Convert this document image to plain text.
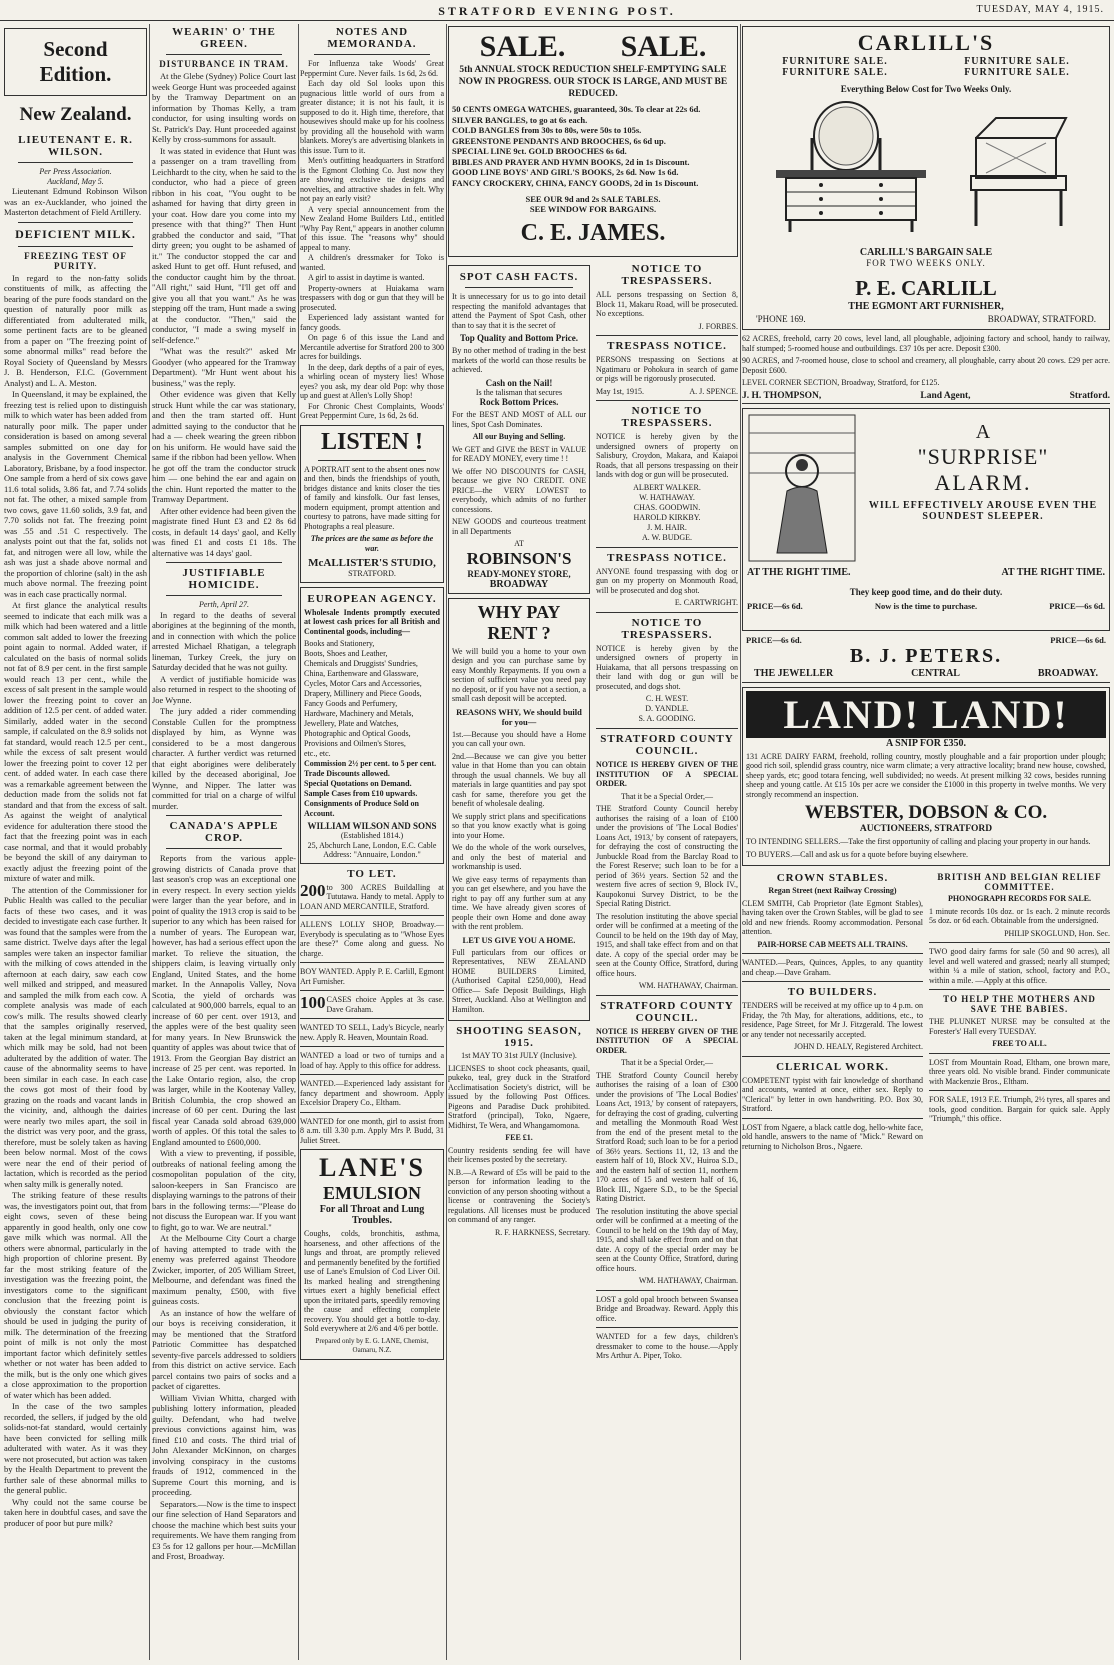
STRATFORD EVENING POST.	TUESDAY, MAY 4, 1915.
Second Edition.
New Zealand.
LIEUTENANT E. R. WILSON.
Per Press Association.
Auckland, May 5.

Lieutenant Edmund Robinson Wilson was an ex-Aucklander, who joined the Masterton detachment of Field Artillery.

DEFICIENT MILK.
FREEZING TEST OF PURITY.

In regard to the non-fatty solids constituents of milk, as affecting the bearing of the pure foods standard on the question of naturally poor milk as differentiated from adulterated milk, some pertinent facts are to be gleaned from a paper on "The freezing point of some abnormal milks" read before the Royal Society of Queensland by Messrs J. B. Henderson, F.I.C. (Government Analyst) and L. A. Meston.

In Queensland, it may be explained, the freezing test is relied upon to distinguish milk to which water has been added from naturally poor milk. The paper under consideration is based on among several samples submitted on one day for analysis in the Government Chemical Laboratory, Brisbane, by a food inspector. One sample from a herd of six cows gave 11.6 total solids, 3.86 fat, and 7.74 solids not fat. The other, a mixed sample from two cows, gave 11.60 solids, 3.9 fat, and 7.70 solids not fat. The freezing point was .55 and .51 C respectively. The analysts point out that the fat, solids not fat, and nitrogen were all low, while the ash was just a shade above normal and the proportion of chlorine (salt) in the ash much above normal. The freezing point was in each case practically normal.

At first glance the analytical results seemed to indicate that each milk was a milk which had been watered and a little common salt added to lower the freezing point again to normal. Added water, if calculated on the basis of normal solids not fat of 8.9 per cent. in the first sample would reach 13 per cent., while the excess of salt present in the sample would lower the freezing point to cover an addition of 12.5 per cent. of added water. Similarly, added water in the second sample, if calculated on the 8.9 solids not fat standard, would reach 12.5 per cent., while the excess of salt present would lower the freezing point to cover 12 per cent. of added water. In each case there was a remarkable agreement between the deduction made from the solids not fat standard and that from the excess of salt. As against the weight of analytical evidence for adulteration there stood the fact that the freezing point was in each case normal, and that it would probably be beyond the skill of any dairyman to exactly adjust the freezing point of the mixture of water and milk.

The attention of the Commissioner for Public Health was called to the peculiar facts of these two cases, and it was decided to investigate each case further. It was found that the samples were from the same district. Twelve days after the legal samples were taken an inspector familiar with the milking of cows attended in the afternoon at each dairy, saw each cow well milked and stripped, and measured and sampled the milk from each cow. A complete analysis was made of each cow's milk. The results showed clearly that the samples originally reserved, taken at the legal minimum standard, at which milk may be sold, had not been adulterated by the addition of water. The cause of the abnormality seems to have been similar in each case. In each case the cows got most of their food by grazing on the roads and vacant lands in the vicinity, and, although the dairies were nearly two miles apart, the soil in the district was very poor, and the grass, therefore, must be solely taken as having been below normal. Most of the cows were near the end of their period of lactation, which is recorded as the period when salty milk is generally noted.

The striking feature of these results was, the investigators point out, that from eight cows, seven of these being apparently in good health, only one cow gave milk which was normal. All the others were abnormal, particularly in the high proportion of chlorine present. By far the most striking feature of the investigation was the freezing point, the investigators come to the significant conclusion that the freezing point is obviously the constant factor which should be used in judging the purity of milk. The determination of the freezing point of milk is not only the most important factor which definitely settles whether or not water has been added to the milk, but is the only one which gives a close approximation to the proportion of water which has been added.

In the case of the two samples recorded, the sellers, if judged by the old solids-not-fat standard, would certainly have been convicted for selling milk adulterated with water. As it was they were not prosecuted, but action was taken by the Health Department to prevent the further sale of these abnormal milks to the general public.

Why could not the same course be taken here in doubtful cases, and save the producer of poor but pure milk?

WEARIN' O' THE GREEN.
DISTURBANCE IN TRAM.

At the Glebe (Sydney) Police Court last week George Hunt was proceeded against by the Tramway Department on an information by Thomas Kelly, a tram conductor, for using insulting words on St. Patrick's Day. Hunt proceeded against Kelly by cross-summons for assault.

It was stated in evidence that Hunt was a passenger on a tram travelling from Leichhardt to the city, when he said to the conductor, who had a piece of green ribbon in his coat, "You ought to be ashamed for having that dirty green in your coat. How dare you come into my presence with that thing?" Then Hunt grabbed the conductor and said, "That dirty green; you ought to be ashamed of it." The conductor stopped the car and asked Hunt to get off. Hunt refused, and the conductor caught him by the throat. "All right," said Hunt, "I'll get off and give you all that you want." As he was stepping off the tram, Hunt made a swing at the conductor. "Then," said the conductor, "I made a swing myself in self-defence."

"What was the result?" asked Mr Goodyer (who appeared for the Tramway Department). "Mr Hunt went about his business," was the reply.

Other evidence was given that Kelly struck Hunt while the car was stationary, and then the tram started off. Hunt admitted saying to the conductor that he had a — cheek wearing the green ribbon on his uniform. He would have said the same if the ribbon had been yellow. When he got off the tram the conductor struck him — one behind the ear and again on the chin. Hunt reported the matter to the Tramway Department.

After other evidence had been given the magistrate fined Hunt £3 and £2 8s 6d costs, in default 14 days' gaol, and Kelly was fined £1 and costs £1 18s. The alternative was 14 days' gaol.

JUSTIFIABLE HOMICIDE.
Perth, April 27.

In regard to the deaths of several aborigines at the beginning of the month, and in connection with which the police arrested Michael Rhatigan, a telegraph lineman, Turkey Creek, the jury on Saturday decided that he was not guilty.

A verdict of justifiable homicide was also returned in respect to the shooting of Joe Wynne.

The jury added a rider commending Constable Cullen for the promptness displayed by him, as Wynne was considered to be a most dangerous character. A further verdict was returned that eight aborigines were deliberately killed by the deceased aboriginal, Joe Wynne, and Nipper. The latter was committed for trial on a charge of wilful murder.

CANADA'S APPLE CROP.

Reports from the various apple-growing districts of Canada prove that last season's crop was an exceptional one in every respect. In every section yields were larger than the year before, and in point of quality the 1913 crop is said to be superior to any which has been raised for a number of years. The European war, however, has had a serious effect upon the market. To relieve the situation, the shippers claim, is leaving virtually only England, United States, and the home market. In the Annapolis Valley, Nova Scotia, the yield of orchards was calculated at 900,000 barrels, equal to an increase of 60 per cent. over 1913, and the apples were of the best quality seen for many years. In New Brunswick the quantity of apples was about twice that of 1913. From the Georgian Bay district an increase of 25 per cent. was reported. In the Lake Ontario region, also, the crop was larger, while in the Kootenay Valley, British Columbia, the crop showed an increase of 60 per cent. During the last fiscal year Canada sold abroad 639,000 worth of apples. Of this total the sales to England amounted to £600,000.

With a view to preventing, if possible, outbreaks of national feeling among the cosmopolitan population of the city, saloon-keepers in San Francisco are displaying warnings to the patrons of their bars in the following terms:—"Please do not discuss the European war. If you want to fight, go to war. We are neutral."

At the Melbourne City Court a charge of having attempted to trade with the enemy was preferred against Theodore Zwicker, importer, of 205 William Street, Melbourne, and defendant was fined the maximum penalty, £500, with five guineas costs.

As an instance of how the welfare of our boys is receiving consideration, it may be mentioned that the Stratford Patriotic Committee has despatched seventy-five parcels addressed to soldiers from this district on active service. Each parcel contains two pairs of socks and a packet of cigarettes.

William Vivian Whitta, charged with publishing lottery information, pleaded guilty. Defendant, who had twelve previous convictions against him, was fined £10 and costs. The third trial of John Alexander McKinnon, on charges involving conspiracy in the customs frauds of 1912, commenced in the Supreme Court this morning, and is proceeding.

Separators.—Now is the time to inspect our fine selection of Hand Separators and choose the machine which best suits your requirements. We have them ranging from £3 5s for 12 gallons per hour.—McMillan and Frost, Broadway.

NOTES AND MEMORANDA.

For Influenza take Woods' Great Peppermint Cure. Never fails. 1s 6d, 2s 6d.

Each day old Sol looks upon this pugnacious little world of ours from a greater distance; it is not his fault, it is supposed to do it. High time, therefore, that housewives should make up for his coolness by providing all the household with warm blankets. Morey's are advertising blankets in this issue. Turn to it.

Men's outfitting headquarters in Stratford is the Egmont Clothing Co. Just now they are showing exclusive tie designs and novelties, and attractive shades in felt. Why not pay an early visit?

A very special announcement from the New Zealand Home Builders Ltd., entitled "Why Pay Rent," appears in another column of this issue. The "reasons why" should appeal to many.

A children's dressmaker for Toko is wanted.

A girl to assist in daytime is wanted.

Property-owners at Huiakama warn trespassers with dog or gun that they will be prosecuted.

Experienced lady assistant wanted for fancy goods.

On page 6 of this issue the Land and Mercantile advertise for Stratford 200 to 300 acres for buildings.

In the deep, dark depths of a pair of eyes, a whirling ocean of mystery lies! Whose eyes? you ask, my dear old Pop: why those up and guest at Allen's Lolly Shop!

For Chronic Chest Complaints, Woods' Great Peppermint Cure, 1s 6d, 2s 6d.

LISTEN !
A PORTRAIT sent to the absent ones now and then, binds the friendships of youth, bridges distance and knits closer the ties of family and kinsfolk. Our fast lenses, modern equipment, prompt attention and courtesy to patrons, have made sitting for Photographs a real pleasure.
The prices are the same as before the war.
McALLISTER'S STUDIO,
STRATFORD.
EUROPEAN AGENCY.
Wholesale Indents promptly executed at lowest cash prices for all British and Continental goods, including—
Books and Stationery,
Boots, Shoes and Leather,
Chemicals and Druggists' Sundries,
China, Earthenware and Glassware,
Cycles, Motor Cars and Accessories,
Drapery, Millinery and Piece Goods,
Fancy Goods and Perfumery,
Hardware, Machinery and Metals,
Jewellery, Plate and Watches,
Photographic and Optical Goods,
Provisions and Oilmen's Stores,
etc., etc.
Commission 2½ per cent. to 5 per cent.
Trade Discounts allowed.
Special Quotations on Demand.
Sample Cases from £10 upwards.
Consignments of Produce Sold on Account.
WILLIAM WILSON AND SONS
(Established 1814.)
25, Abchurch Lane, London, E.C. Cable Address: "Annuaire, London."
TO LET.
200 to 300 ACRES Buildalling at Tututawa. Handy to metal. Apply to LOAN AND MERCANTILE, Stratford.
ALLEN'S LOLLY SHOP, Broadway.—Everybody is speculating as to "Whose Eyes are these?" Come along and guess. No charge.
BOY WANTED. Apply P. E. Carlill, Egmont Art Furnisher.
100 CASES choice Apples at 3s case. Dave Graham.
WANTED TO SELL, Lady's Bicycle, nearly new. Apply R. Heaven, Mountain Road.
WANTED a load or two of turnips and a load of hay. Apply to this office for address.
WANTED.—Experienced lady assistant for fancy department and showroom. Apply Excelsior Drapery Co., Eltham.
WANTED for one month, girl to assist from 8 a.m. till 3.30 p.m. Apply Mrs P. Budd, 31 Juliet Street.
LANE'S
EMULSION
For all Throat and Lung Troubles.
Coughs, colds, bronchitis, asthma, hoarseness, and other affections of the lungs and throat, are promptly relieved and permanently benefited by the fortified use of Lane's Emulsion of Cod Liver Oil. Its marked healing and strengthening virtues exert a highly beneficial effect upon the irritated parts, speedily removing the cause and effecting complete recovery. You should get a bottle to-day. Sold everywhere at 2/6 and 4/6 per bottle.
Prepared only by E. G. LANE, Chemist, Oamaru, N.Z.
SALE. SALE.
5th ANNUAL STOCK REDUCTION SHELF-EMPTYING SALE NOW IN PROGRESS. OUR STOCK IS LARGE, AND MUST BE REDUCED.
50 CENTS OMEGA WATCHES, guaranteed, 30s. To clear at 22s 6d.
SILVER BANGLES, to go at 6s each.
COLD BANGLES from 30s to 80s, were 50s to 105s.
GREENSTONE PENDANTS AND BROOCHES, 6s 6d up.
SPECIAL LINE 9ct. GOLD BROOCHES 6s 6d.
BIBLES AND PRAYER AND HYMN BOOKS, 2d in 1s Discount.
GOOD LINE BOYS' AND GIRL'S BOOKS, 2s 6d. Now 1s 6d.
FANCY CROCKERY, CHINA, FANCY GOODS, 2d in 1s Discount.
SEE OUR 9d and 2s SALE TABLES.
SEE WINDOW FOR BARGAINS.
C. E. JAMES.
SPOT CASH FACTS.
It is unnecessary for us to go into detail respecting the manifold advantages that attend the Payment of Spot Cash, other than to say that it is the secret of
Top Quality and Bottom Price.
By no other method of trading in the best markets of the world can those results be achieved.
Cash on the Nail!
Is the talisman that secures
Rock Bottom Prices.
For the BEST AND MOST of ALL our lines, Spot Cash Dominates.
All our Buying and Selling.
We GET and GIVE the BEST in VALUE for READY MONEY, every time ! !
We offer NO DISCOUNTS for CASH, because we give NO CREDIT. ONE PRICE—the VERY LOWEST to everybody, which admits of no further concessions.
NEW GOODS and courteous treatment in all Departments
AT
ROBINSON'S
READY-MONEY STORE,
BROADWAY
WHY PAY RENT ?
We will build you a home to your own design and you can purchase same by easy Monthly Repayments. If you own a section of sufficient value you need pay no deposit, or if you have not a section, a small cash deposit will be accepted.
REASONS WHY, We should build for you—
1st.—Because you should have a Home you can call your own.
2nd.—Because we can give you better value in that Home than you can obtain through the usual channels. We buy all materials in large quantities and pay spot cash for same, therefore you get the benefit of wholesale dealing.
We supply strict plans and specifications so that you know exactly what is going into your Home.
We do the whole of the work ourselves, and only the best of material and workmanship is used.
We give easy terms of repayments than you can get elsewhere, and you have the right to pay off any further sum at any time. We have already given scores of people their own Home and done away with the rent problem.
LET US GIVE YOU A HOME.
Full particulars from our offices or Representatives, NEW ZEALAND HOME BUILDERS Limited, (Authorised Capital £250,000), Head Office— Safe Deposit Buildings, High Street, Auckland. Also at Wellington and Hamilton.
SHOOTING SEASON, 1915.
1st MAY TO 31st JULY (Inclusive).
LICENSES to shoot cock pheasants, quail, pukeko, teal, grey duck in the Stratford Acclimatisation Society's district, will be issued by the following Post Offices. Pigeons and Paradise Duck prohibited. Stratford (principal), Toko, Ngaere, Midhirst, Te Wera, and Whangamomona.
FEE £1.
Country residents sending fee will have their licenses posted by the secretary.
N.B.—A Reward of £5s will be paid to the person for information leading to the conviction of any person shooting without a license or contravening the Society's regulations. All licenses must be produced on command of any ranger.
R. F. HARKNESS, Secretary.
NOTICE TO TRESPASSERS.
ALL persons trespassing on Section 8, Block 11, Makaru Road, will be prosecuted. No exceptions.
J. FORBES.
TRESPASS NOTICE.
PERSONS trespassing on Sections at Ngatimaru or Pohokura in search of game or pigs will be rigorously prosecuted.
May 1st, 1915.	A. J. SPENCE.
NOTICE TO TRESPASSERS.
NOTICE is hereby given by the undersigned owners of property on Salisbury, Croydon, Makara, and Kaiapoi Roads, that all persons trespassing on their lands with dog or gun will be prosecuted.
ALBERT WALKER.
W. HATHAWAY.
CHAS. GOODWIN.
HAROLD KIRKBY.
J. M. HAIR.
A. W. BUDGE.
TRESPASS NOTICE.
ANYONE found trespassing with dog or gun on my property on Monmouth Road, will be prosecuted and dog shot.
E. CARTWRIGHT.
NOTICE TO TRESPASSERS.
NOTICE is hereby given by the undersigned owners of property in Huiakama, that all persons trespassing on their land with dog or gun will be prosecuted, and dogs shot.
C. H. WEST.
D. YANDLE.
S. A. GOODING.
STRATFORD COUNTY COUNCIL.
NOTICE IS HEREBY GIVEN OF THE INSTITUTION OF A SPECIAL ORDER.
That it be a Special Order,—
THE Stratford County Council hereby authorises the raising of a loan of £100 under the provisions of 'The Local Bodies' Loans Act, 1913,' by consent of ratepayers, for defraying the cost of constructing the Junbuckle Road from the Barclay Road to the Forest Reserve; such loan to be for a period of 36½ years. Section 52 and the western five acres of section 9, Block IV., Kaupokonui Survey District, to be the Special Rating District.
The resolution instituting the above special order will be confirmed at a meeting of the Council to be held on the 19th day of May, 1915, and shall take effect from and on that date. A copy of the special order may be seen at the County Office, Stratford, during office hours.
WM. HATHAWAY, Chairman.
STRATFORD COUNTY COUNCIL.
NOTICE IS HEREBY GIVEN OF THE INSTITUTION OF A SPECIAL ORDER.
That it be a Special Order,—
THE Stratford County Council hereby authorises the raising of a loan of £300 under the provisions of 'The Local Bodies' Loans Act, 1913,' by consent of ratepayers, for defraying the cost of grading, culverting and metalling the Monmouth Road West from the end of the present metal to the Stratford Road; such loan to be for a period of 36½ years. Sections 11, 12, 13 and the eastern half of 10, Block XV., Huiroa S.D., and the eastern half of section 11, northern 170 acres of 15 and western half of 16, Block III., Ngaere S.D., to be the Special Rating District.
The resolution instituting the above special order will be confirmed at a meeting of the Council to be held on the 19th day of May, 1915, and shall take effect from and on that date. A copy of the special order may be seen at the County Office, Stratford, during office hours.
WM. HATHAWAY, Chairman.
LOST a gold opal brooch between Swansea Bridge and Broadway. Reward. Apply this office.
WANTED for a few days, children's dressmaker to come to the house.—Apply Mrs Arthur A. Piper, Toko.
CARLILL'S
FURNITURE SALE.	FURNITURE SALE.
FURNITURE SALE.	FURNITURE SALE.
Everything Below Cost for Two Weeks Only.
CARLILL'S BARGAIN SALE
FOR TWO WEEKS ONLY.
P. E. CARLILL
THE EGMONT ART FURNISHER,
'PHONE 169.	BROADWAY, STRATFORD.
62 ACRES, freehold, carry 20 cows, level land, all ploughable, adjoining factory and school, handy to railway, half stumped; 5-roomed house and outbuildings. £37 10s per acre. Deposit £300.
90 ACRES, and 7-roomed house, close to school and creamery, all ploughable, carry about 20 cows. £29 per acre. Deposit £600.
LEVEL CORNER SECTION, Broadway, Stratford, for £125.
J. H. THOMPSON,	Land Agent,	Stratford.
A
"SURPRISE"
ALARM.
WILL EFFECTIVELY AROUSE EVEN THE SOUNDEST SLEEPER.
AT THE RIGHT TIME.	AT THE RIGHT TIME.
They keep good time, and do their duty.
PRICE—6s 6d.	Now is the time to purchase.	PRICE—6s 6d.
PRICE—6s 6d.	PRICE—6s 6d.
B. J. PETERS.
THE JEWELLER	CENTRAL	BROADWAY.
LAND! LAND!
A SNIP FOR £350.
131 ACRE DAIRY FARM, freehold, rolling country, mostly ploughable and a fair proportion under plough; good rich soil, splendid grass country, nice warm climate; a very attractive locality; brand new house, cowshed, sheep yards, etc; good totara fencing, well subdivided; no weeds. At present milking 32 cows, besides running sheep and young cattle. At £15 10s per acre we consider the £1000 in this property in twelve months. We very strongly recommend an inspection.
WEBSTER, DOBSON & CO.
AUCTIONEERS, STRATFORD
TO INTENDING SELLERS.—Take the first opportunity of calling and placing your property in our hands.
TO BUYERS.—Call and ask us for a quote before buying elsewhere.
CROWN STABLES.
Regan Street (next Railway Crossing)
CLEM SMITH, Cab Proprietor (late Egmont Stables), having taken over the Crown Stables, will be glad to see old and new friends. Roomy accommodation. Personal attention.
PAIR-HORSE CAB MEETS ALL TRAINS.
WANTED.—Pears, Quinces, Apples, to any quantity and cheap.—Dave Graham.
TO BUILDERS.
TENDERS will be received at my office up to 4 p.m. on Friday, the 7th May, for alterations, additions, etc., to residence, Page Street, for Mr J. Fitzgerald. The lowest or any tender not necessarily accepted.
JOHN D. HEALY, Registered Architect.
CLERICAL WORK.
COMPETENT typist with fair knowledge of shorthand and accounts, wanted at once, either sex. Reply to "Clerical" by letter in own handwriting. P.O. Box 30, Stratford.
LOST from Ngaere, a black cattle dog, hello-white face, old handle, answers to the name of "Mick." Reward on returning to Nicholson Bros., Ngaere.
BRITISH AND BELGIAN RELIEF COMMITTEE.
PHONOGRAPH RECORDS FOR SALE.
1 minute records 10s doz. or 1s each. 2 minute records 5s doz. or 6d each. Obtainable from the undersigned.
PHILIP SKOGLUND, Hon. Sec.
TWO good dairy farms for sale (50 and 90 acres), all level and well watered and grassed; nearly all stumped; within ¼ a mile of station, school, factory and P.O., within a mile. —Apply at this office.
TO HELP THE MOTHERS AND SAVE THE BABIES.
THE PLUNKET NURSE may be consulted at the Forester's' Hall every TUESDAY.
FREE TO ALL.
LOST from Mountain Road, Eltham, one brown mare, three years old. No visible brand. Finder communicate with Mackenzie Bros., Eltham.
FOR SALE, 1913 F.E. Triumph, 2½ tyres, all spares and tools, good condition. Bargain for quick sale. Apply "Triumph," this office.
